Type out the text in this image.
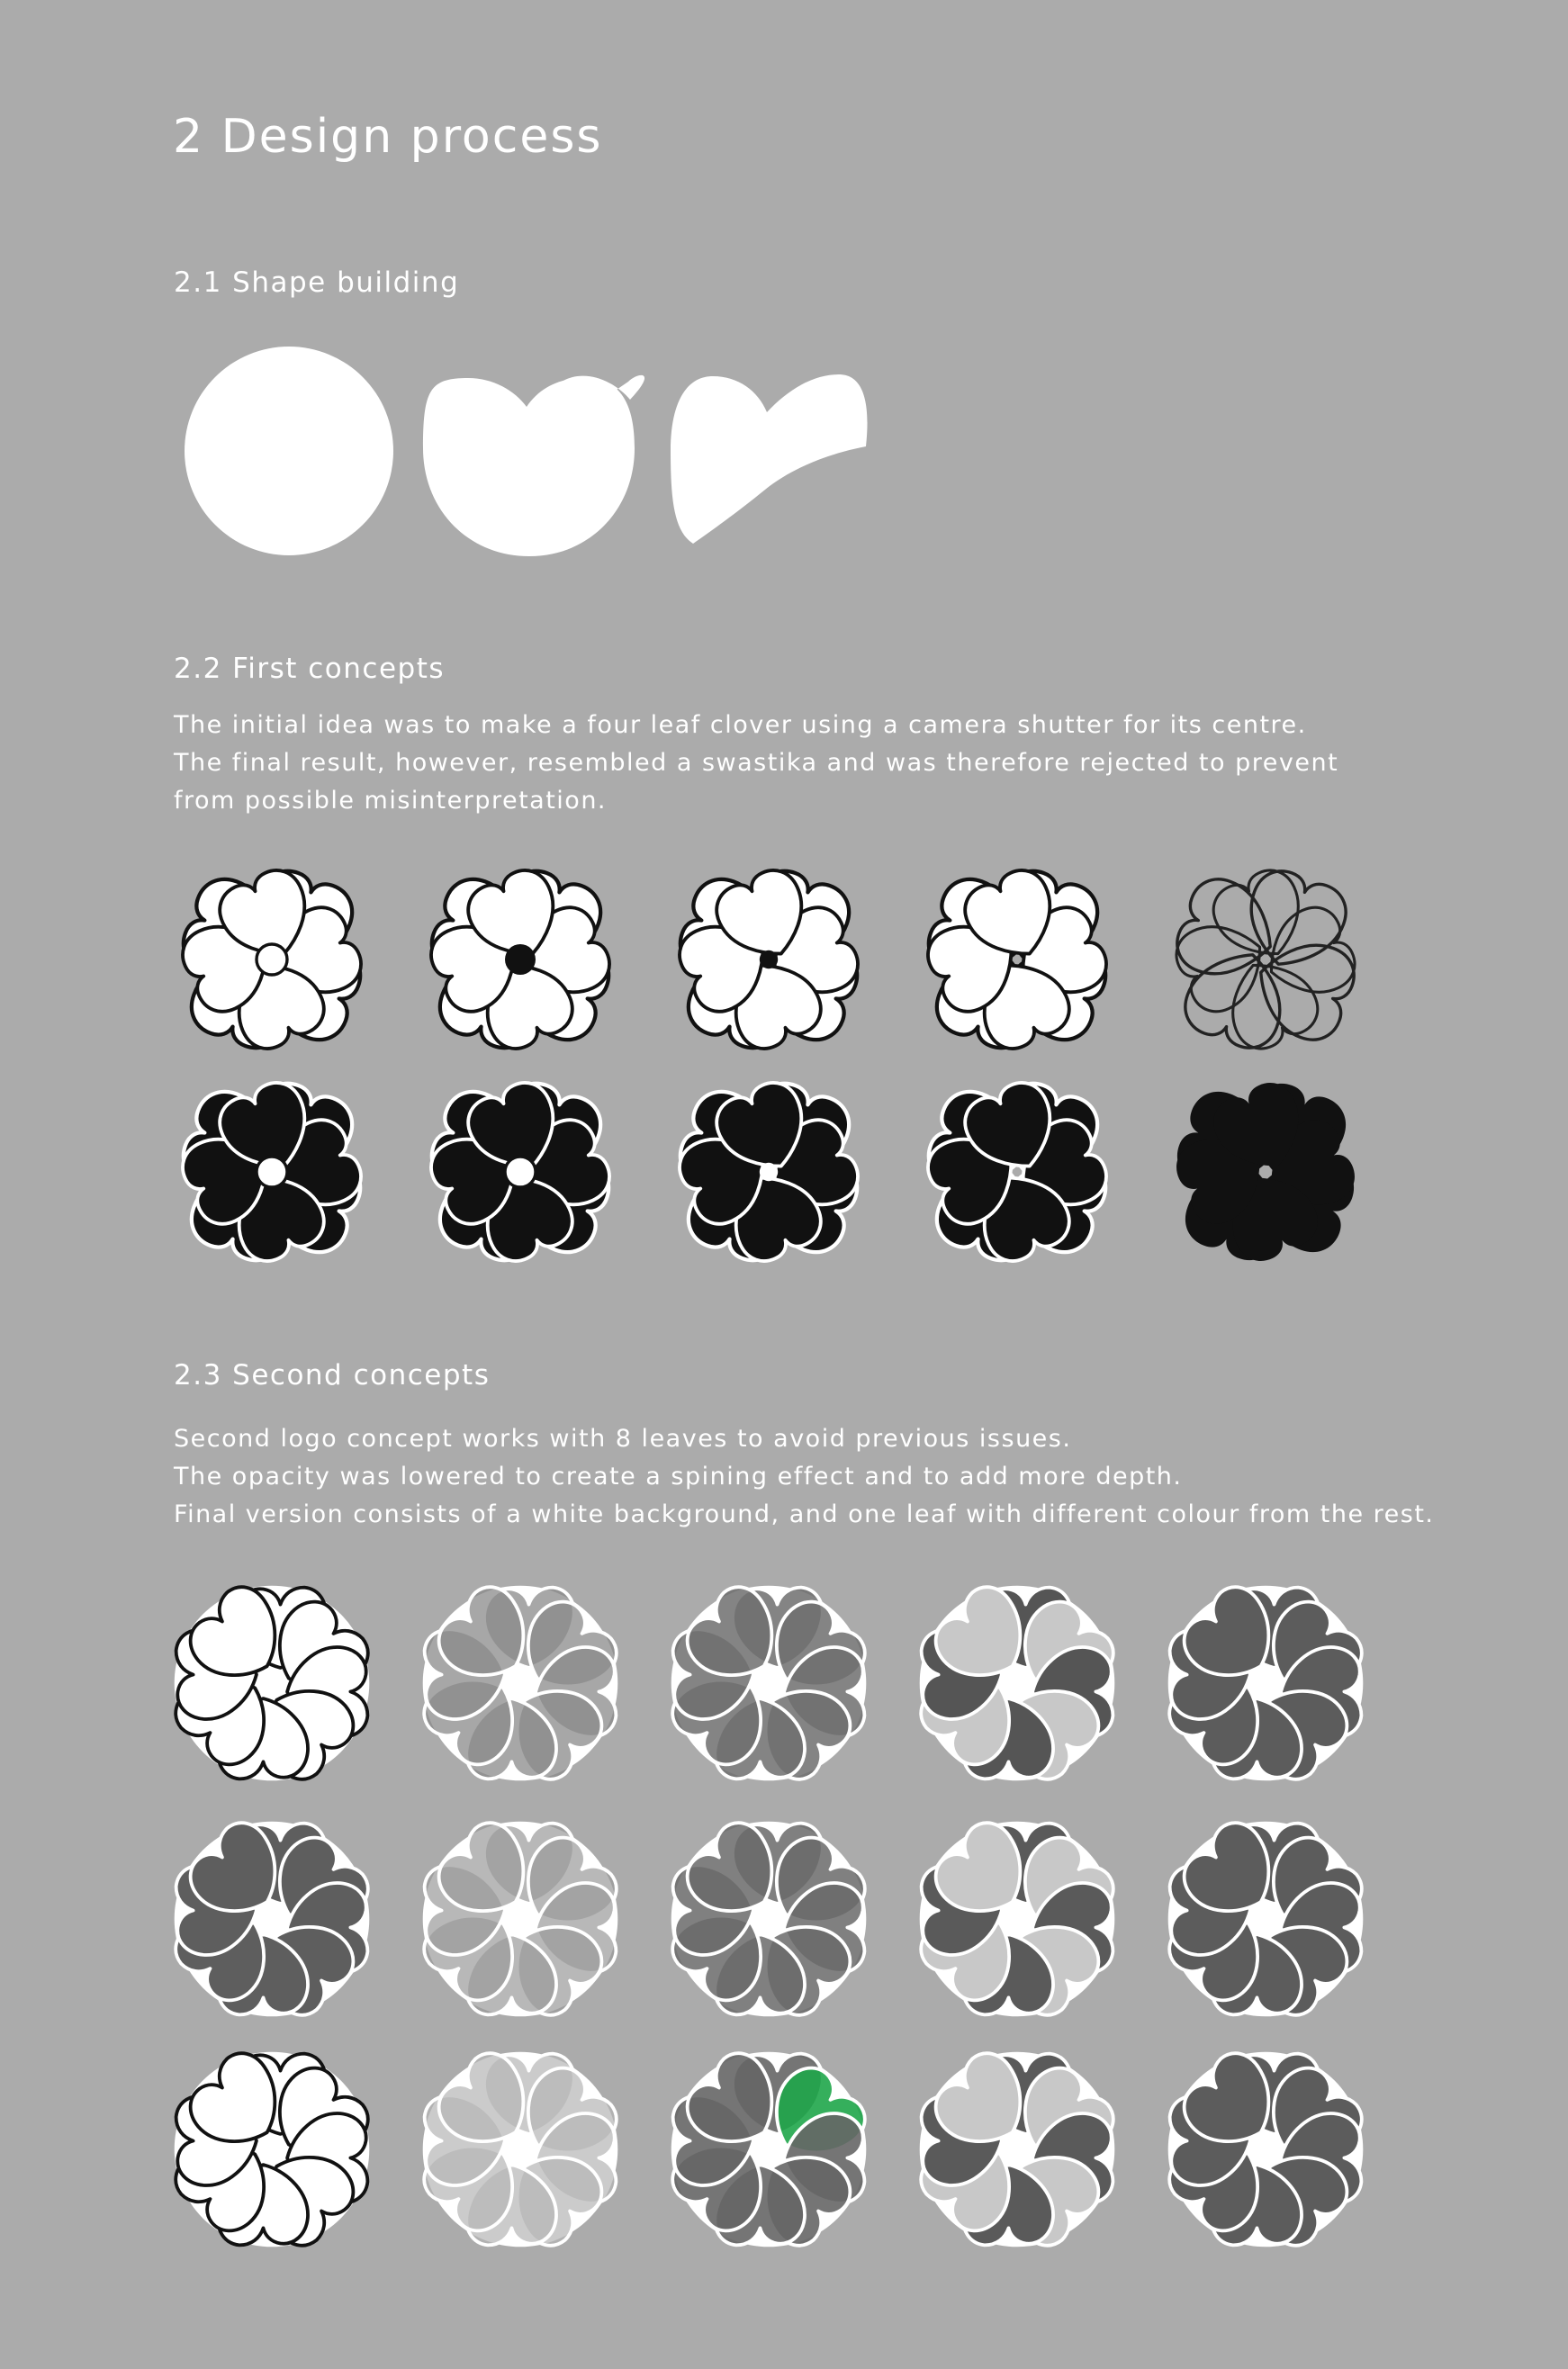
2 Design process
2.1 Shape building
2.2 First concepts
The initial idea was to make a four leaf clover using a camera shutter for its centre.
The final result, however, resembled a swastika and was therefore rejected to prevent
from possible misinterpretation.
2.3 Second concepts
Second logo concept works with 8 leaves to avoid previous issues.
The opacity was lowered to create a spining effect and to add more depth.
Final version consists of a white background, and one leaf with different colour from the rest.
